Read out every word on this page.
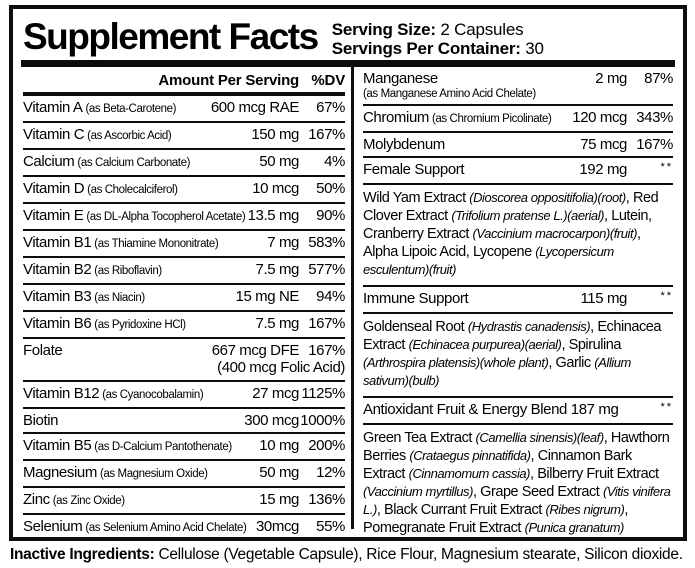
Supplement Facts Serving Size: 2 Capsules
Servings Per Container: 30
Amount Per Serving %DV
Vitamin A (as Beta-Carotene) 600 mcg RAE	67%
Vitamin C (as Ascorbic Acid)	150 mg 167%
Calcium (as Calcium Carbonate)	50 mg	4%
Vitamin D (as Cholecalciferol)	10 mcg	50%
Vitamin E (as DL-Alpha Tocopherol Acetate) 13.5 mg	90%
Vitamin B1 (as Thiamine Mononitrate)	7 mg 583%
Vitamin B2 (as Riboflavin)	7.5 mg 577%
Vitamin B3 (as Niacin)	15 mg NE	94%
Vitamin B6 (as Pyridoxine HCl)	7.5 mg 167%
Folate	667 mcg DFE 167%
(400 mcg Folic Acid)
Vitamin B12 (as Cyanocobalamin)	27 mcg 1125%
Biotin	300 mcg 1000%
Vitamin B5 (as D-Calcium Pantothenate) 10 mg 200%
Magnesium (as Magnesium Oxide)	50 mg	12%
Zinc (as Zinc Oxide)	15 mg 136%
Selenium (as Selenium Amino Acid Chelate) 30mcg	55%
Manganese	2 mg	87%
(as Manganese Amino Acid Chelate)
Chromium (as Chromium Picolinate) 120 mcg 343%
Molybdenum	75 mcg 167%
Female Support	192 mg	**
Wild Yam Extract (Dioscorea oppositifolia)(root), Red Clover Extract (Trifolium pratense L.)(aerial), Lutein, Cranberry Extract (Vaccinium macrocarpon)(fruit), Alpha Lipoic Acid, Lycopene (Lycopersicum esculentum)(fruit)
Immune Support	115 mg	**
Goldenseal Root (Hydrastis canadensis), Echinacea Extract (Echinacea purpurea)(aerial), Spirulina (Arthrospira platensis)(whole plant), Garlic (Allium sativum)(bulb)
Antioxidant Fruit & Energy Blend 187 mg	**
Green Tea Extract (Camellia sinensis)(leaf), Hawthorn Berries (Crataegus pinnatifida), Cinnamon Bark Extract (Cinnamomum cassia), Bilberry Fruit Extract (Vaccinium myrtillus), Grape Seed Extract (Vitis vinifera L.), Black Currant Fruit Extract (Ribes nigrum), Pomegranate Fruit Extract (Punica granatum)
Inactive Ingredients: Cellulose (Vegetable Capsule), Rice Flour, Magnesium stearate, Silicon dioxide.
